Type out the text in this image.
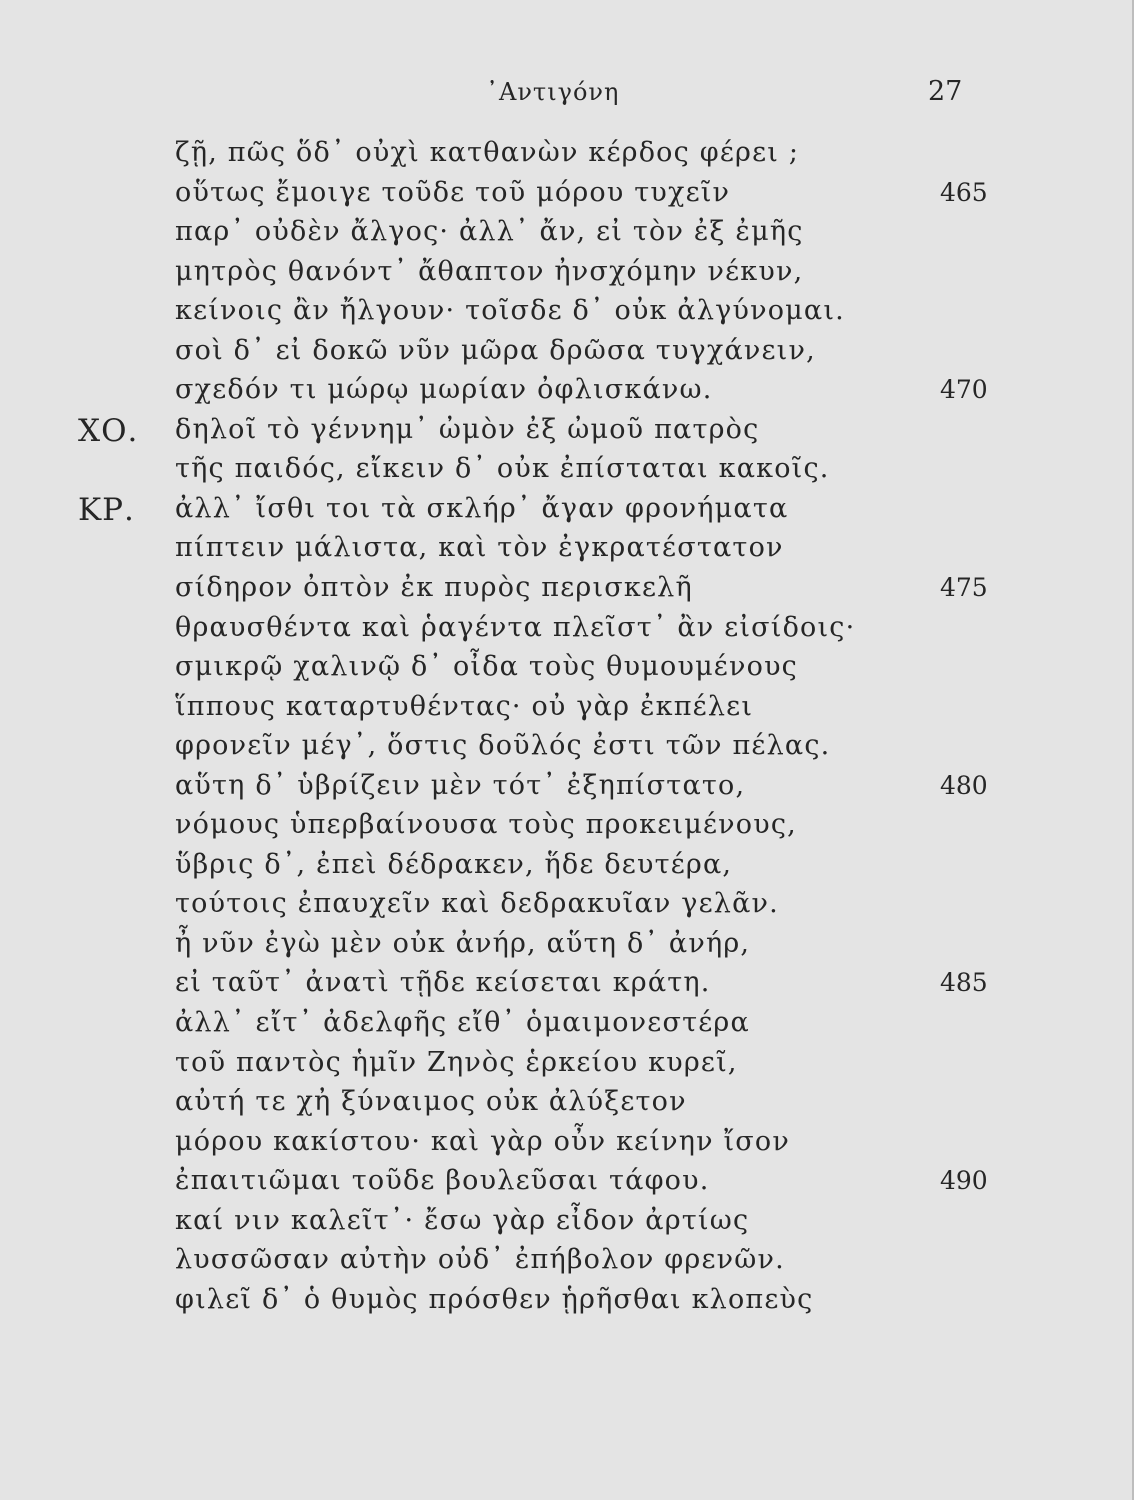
᾿Αντιγόνη	27
ζῇ, πῶς ὅδ᾿ οὐχὶ κατθανὼν κέρδος φέρει ;
οὕτως ἔμοιγε τοῦδε τοῦ μόρου τυχεῖν	465
παρ᾿ οὐδὲν ἄλγος· ἀλλ᾿ ἄν, εἰ τὸν ἐξ ἐμῆς
μητρὸς θανόντ᾿ ἄθαπτον ἠνσχόμην νέκυν,
κείνοις ἂν ἤλγουν· τοῖσδε δ᾿ οὐκ ἀλγύνομαι.
σοὶ δ᾿ εἰ δοκῶ νῦν μῶρα δρῶσα τυγχάνειν,
σχεδόν τι μώρῳ μωρίαν ὀφλισκάνω.	470
ΧΟ. δηλοῖ τὸ γέννημ᾿ ὠμὸν ἐξ ὠμοῦ πατρὸς
τῆς παιδός, εἴκειν δ᾿ οὐκ ἐπίσταται κακοῖς.
ΚΡ. ἀλλ᾿ ἴσθι τοι τὰ σκλήρ᾿ ἄγαν φρονήματα
πίπτειν μάλιστα, καὶ τὸν ἐγκρατέστατον
σίδηρον ὀπτὸν ἐκ πυρὸς περισκελῆ	475
θραυσθέντα καὶ ῥαγέντα πλεῖστ᾿ ἂν εἰσίδοις·
σμικρῷ χαλινῷ δ᾿ οἶδα τοὺς θυμουμένους
ἵππους καταρτυθέντας· οὐ γὰρ ἐκπέλει
φρονεῖν μέγ᾿, ὅστις δοῦλός ἐστι τῶν πέλας.
αὕτη δ᾿ ὑβρίζειν μὲν τότ᾿ ἐξηπίστατο,	480
νόμους ὑπερβαίνουσα τοὺς προκειμένους,
ὕβρις δ᾿, ἐπεὶ δέδρακεν, ἥδε δευτέρα,
τούτοις ἐπαυχεῖν καὶ δεδρακυῖαν γελᾶν.
ἦ νῦν ἐγὼ μὲν οὐκ ἀνήρ, αὕτη δ᾿ ἀνήρ,
εἰ ταῦτ᾿ ἀνατὶ τῇδε κείσεται κράτη.	485
ἀλλ᾿ εἴτ᾿ ἀδελφῆς εἴθ᾿ ὁμαιμονεστέρα
τοῦ παντὸς ἡμῖν Ζηνὸς ἑρκείου κυρεῖ,
αὐτή τε χἠ ξύναιμος οὐκ ἀλύξετον
μόρου κακίστου· καὶ γὰρ οὖν κείνην ἴσον
ἐπαιτιῶμαι τοῦδε βουλεῦσαι τάφου.	490
καί νιν καλεῖτ᾿· ἔσω γὰρ εἶδον ἀρτίως
λυσσῶσαν αὐτὴν οὐδ᾿ ἐπήβολον φρενῶν.
φιλεῖ δ᾿ ὁ θυμὸς πρόσθεν ᾑρῆσθαι κλοπεὺς
